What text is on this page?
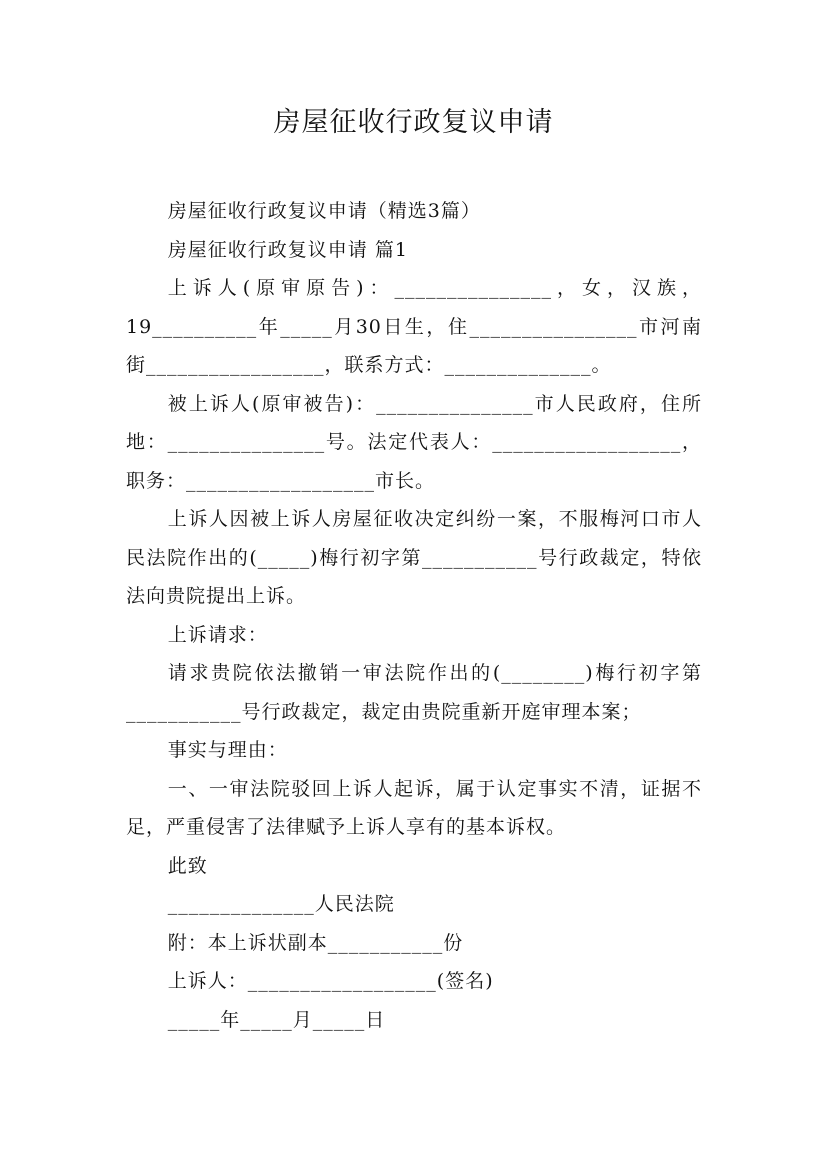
房屋征收行政复议申请

房屋征收行政复议申请（精选3篇）

房屋征收行政复议申请 篇1

上诉人(原审原告)：_______________，女，汉族，19__________年_____月30日生，住________________市河南街_________________，联系方式：______________。

被上诉人(原审被告)：_______________市人民政府，住所地：_______________号。法定代表人：__________________，职务：__________________市长。

上诉人因被上诉人房屋征收决定纠纷一案，不服梅河口市人民法院作出的(_____)梅行初字第___________号行政裁定，特依法向贵院提出上诉。

上诉请求：

请求贵院依法撤销一审法院作出的(________)梅行初字第___________号行政裁定，裁定由贵院重新开庭审理本案；

事实与理由：

一、一审法院驳回上诉人起诉，属于认定事实不清，证据不足，严重侵害了法律赋予上诉人享有的基本诉权。

此致

______________人民法院

附：本上诉状副本___________份

上诉人：__________________(签名)

_____年_____月_____日
